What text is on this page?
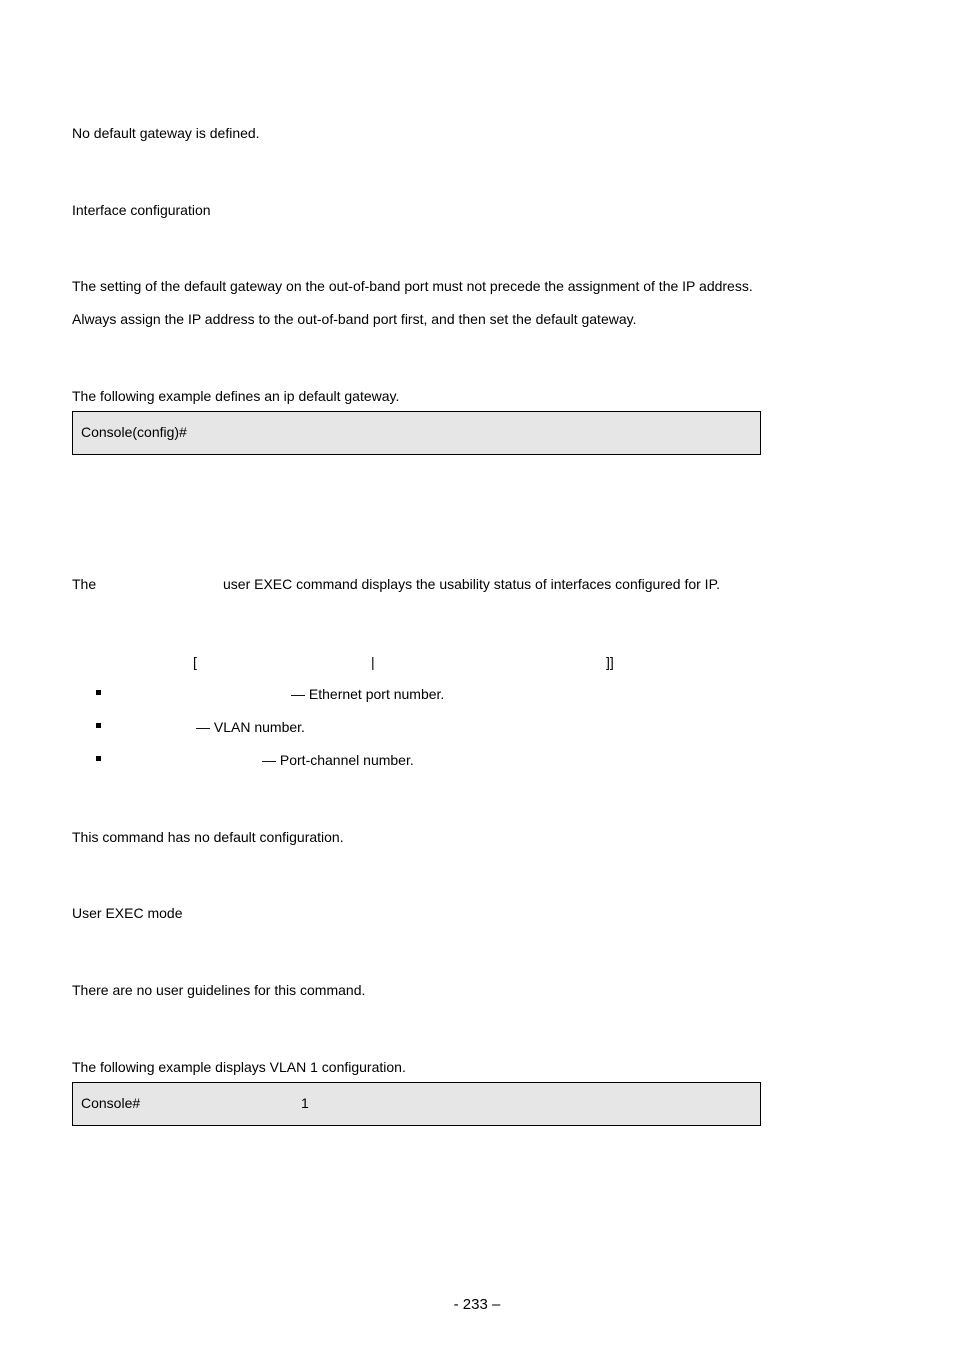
No default gateway is defined.
Interface configuration
The setting of the default gateway on the out-of-band port must not precede the assignment of the IP address.
Always assign the IP address to the out-of-band port first, and then set the default gateway.
The following example defines an ip default gateway.
Console(config)#
The	user EXEC command displays the usability status of interfaces configured for IP.
[	|	]]
— Ethernet port number.
— VLAN number.
— Port-channel number.
This command has no default configuration.
User EXEC mode
There are no user guidelines for this command.
The following example displays VLAN 1 configuration.
Console#	1
- 233 –
